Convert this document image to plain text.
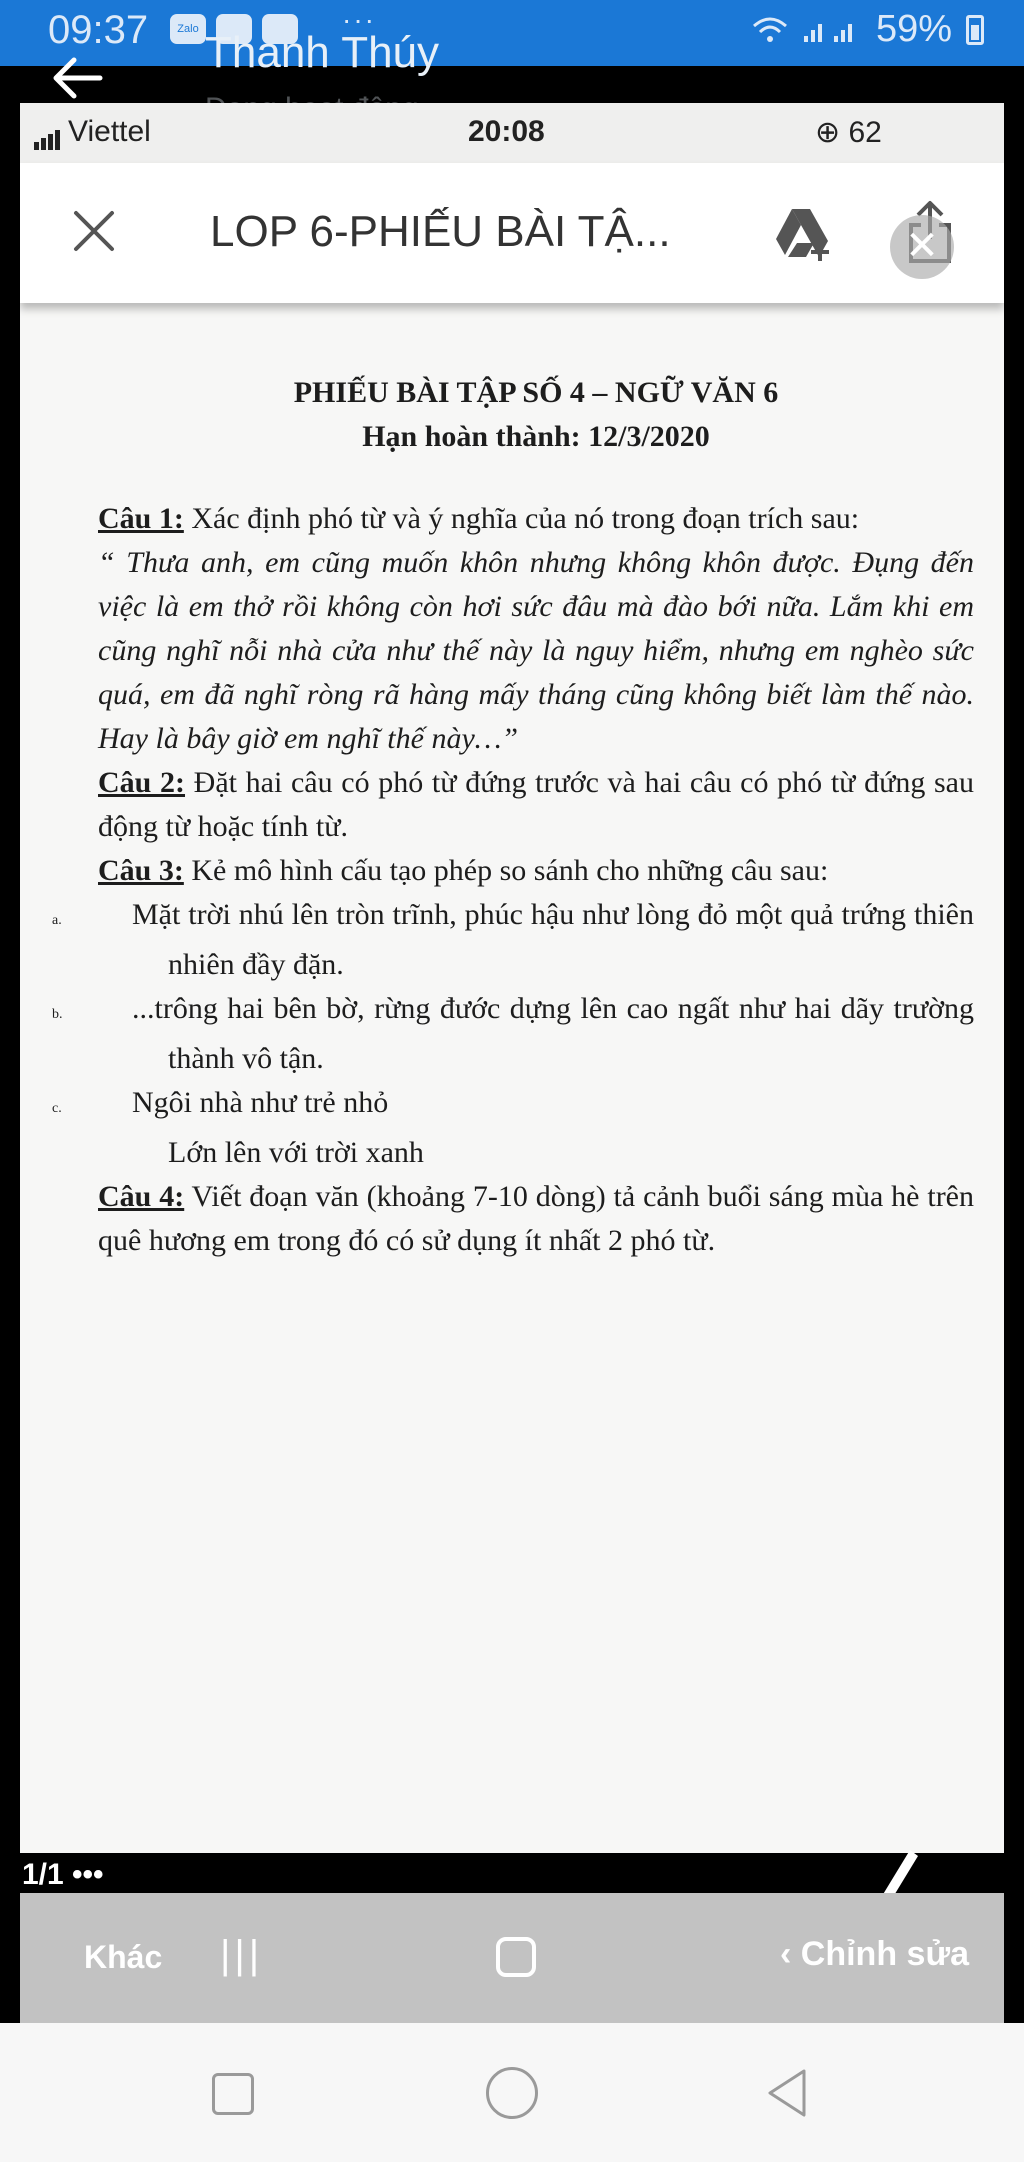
09:37	Zalo	···	59%
Thanh Thúy
Viettel	20:08	⊕ 62
LOP 6-PHIẾU BÀI TẬ...	✕
PHIẾU BÀI TẬP SỐ 4 – NGỮ VĂN 6
Hạn hoàn thành: 12/3/2020
Câu 1: Xác định phó từ và ý nghĩa của nó trong đoạn trích sau:
“ Thưa anh, em cũng muốn khôn nhưng không khôn được. Đụng đến việc là em thở rồi không còn hơi sức đâu mà đào bới nữa. Lắm khi em cũng nghĩ nỗi nhà cửa như thế này là nguy hiểm, nhưng em nghèo sức quá, em đã nghĩ ròng rã hàng mấy tháng cũng không biết làm thế nào. Hay là bây giờ em nghĩ thế này…”
Câu 2: Đặt hai câu có phó từ đứng trước và hai câu có phó từ đứng sau động từ hoặc tính từ.
Câu 3: Kẻ mô hình cấu tạo phép so sánh cho những câu sau:
a. Mặt trời nhú lên tròn trĩnh, phúc hậu như lòng đỏ một quả trứng thiên nhiên đầy đặn.
b. ...trông hai bên bờ, rừng đước dựng lên cao ngất như hai dãy trường thành vô tận.
c. Ngôi nhà như trẻ nhỏ
Lớn lên với trời xanh
Câu 4: Viết đoạn văn (khoảng 7-10 dòng) tả cảnh buổi sáng mùa hè trên quê hương em trong đó có sử dụng ít nhất 2 phó từ.
1/1 •••
Khác |||	‹ Chỉnh sửa
